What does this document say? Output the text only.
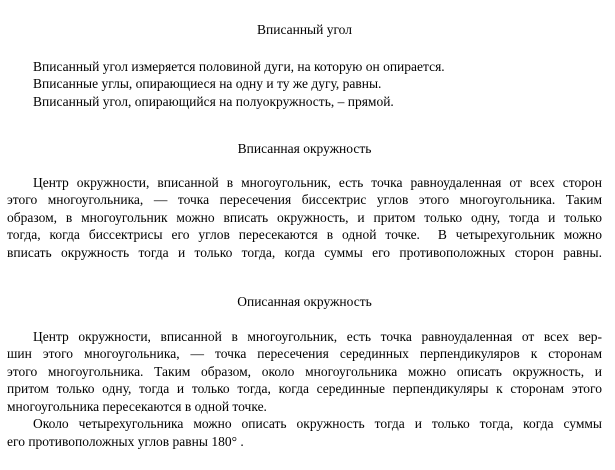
Вписанный угол
Вписанный угол измеряется половиной дуги, на которую он опирается.
Вписанные углы, опирающиеся на одну и ту же дугу, равны.
Вписанный угол, опирающийся на полуокружность, – прямой.
Вписанная окружность
Центр окружности, вписанной в многоугольник, есть точка равноудаленная от всех сторон
этого многоугольника, — точка пересечения биссектрис углов этого многоугольника. Таким
образом, в многоугольник можно вписать окружность, и притом только одну, тогда и только
тогда, когда биссектрисы его углов пересекаются в одной точке.  В четырехугольник можно
вписать окружность тогда и только тогда, когда суммы его противоположных сторон равны.
Описанная окружность
Центр окружности, вписанной в многоугольник, есть точка равноудаленная от всех вер-
шин этого многоугольника, — точка пересечения серединных перпендикуляров к сторонам
этого многоугольника. Таким образом, около многоугольника можно описать окружность, и
притом только одну, тогда и только тогда, когда серединные перпендикуляры к сторонам этого
многоугольника пересекаются в одной точке.
Около четырехугольника можно описать окружность тогда и только тогда, когда суммы
его противоположных углов равны 180° .
